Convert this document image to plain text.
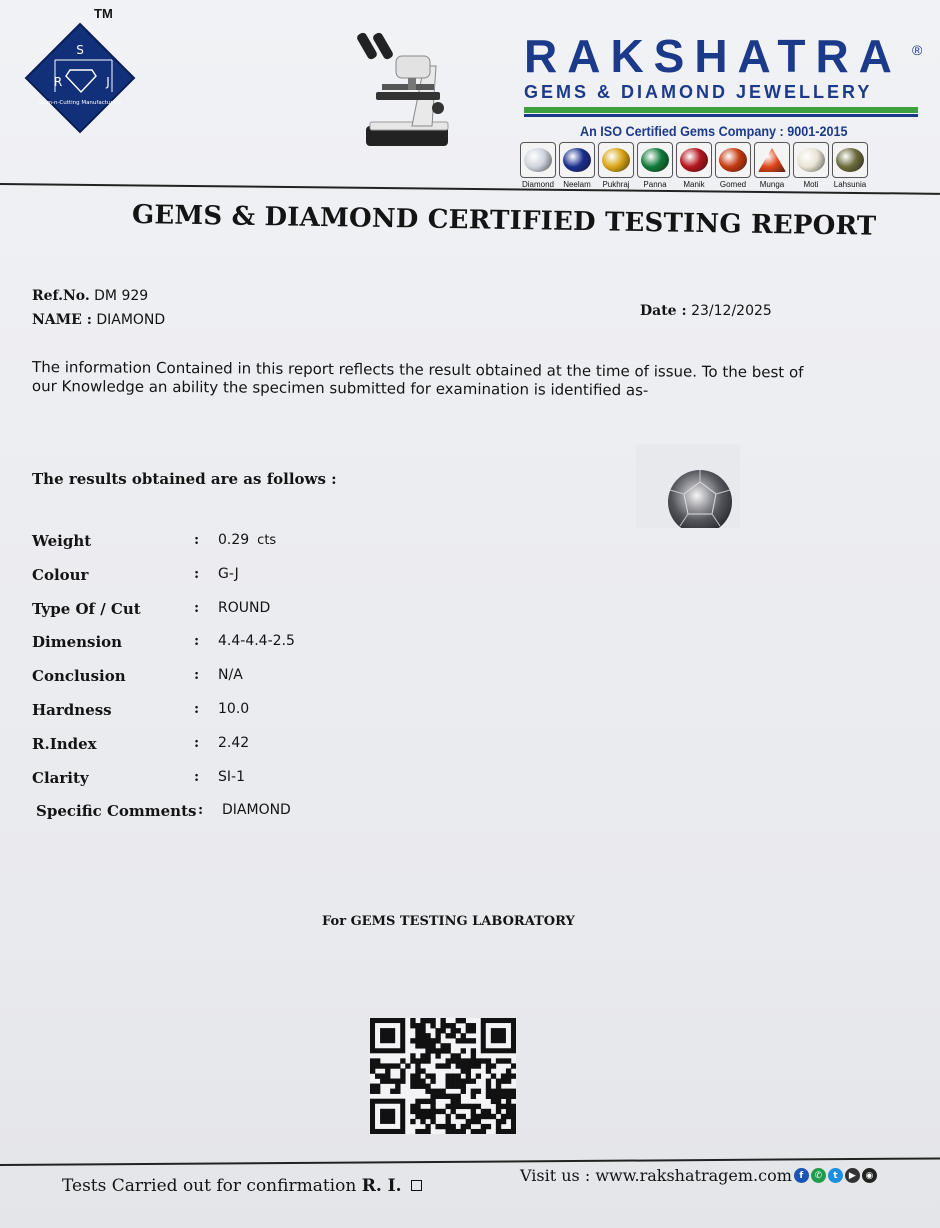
S
R	J
Gem-n-Cutting Manufacturers
TM
RAKSHATRA ®
GEMS & DIAMOND JEWELLERY
An ISO Certified Gems Company : 9001-2015
Diamond Neelam Pukhraj Panna Manik Gomed Munga Moti Lahsunia
GEMS & DIAMOND CERTIFIED TESTING REPORT
Ref.No. DM 929
NAME : DIAMOND
Date : 23/12/2025
The information Contained in this report reflects the result obtained at the time of issue. To the best of our Knowledge an ability the specimen submitted for examination is identified as-
The results obtained are as follows :
Weight	: 0.29 cts
Colour	: G-J
Type Of / Cut	: ROUND
Dimension	: 4.4-4.4-2.5
Conclusion	: N/A
Hardness	: 10.0
R.Index	: 2.42
Clarity	: SI-1
Specific Comments : DIAMOND
For GEMS TESTING LABORATORY
Tests Carried out for confirmation R. I.
Visit us : www.rakshatragem.com f	✆	t	▶	◉
